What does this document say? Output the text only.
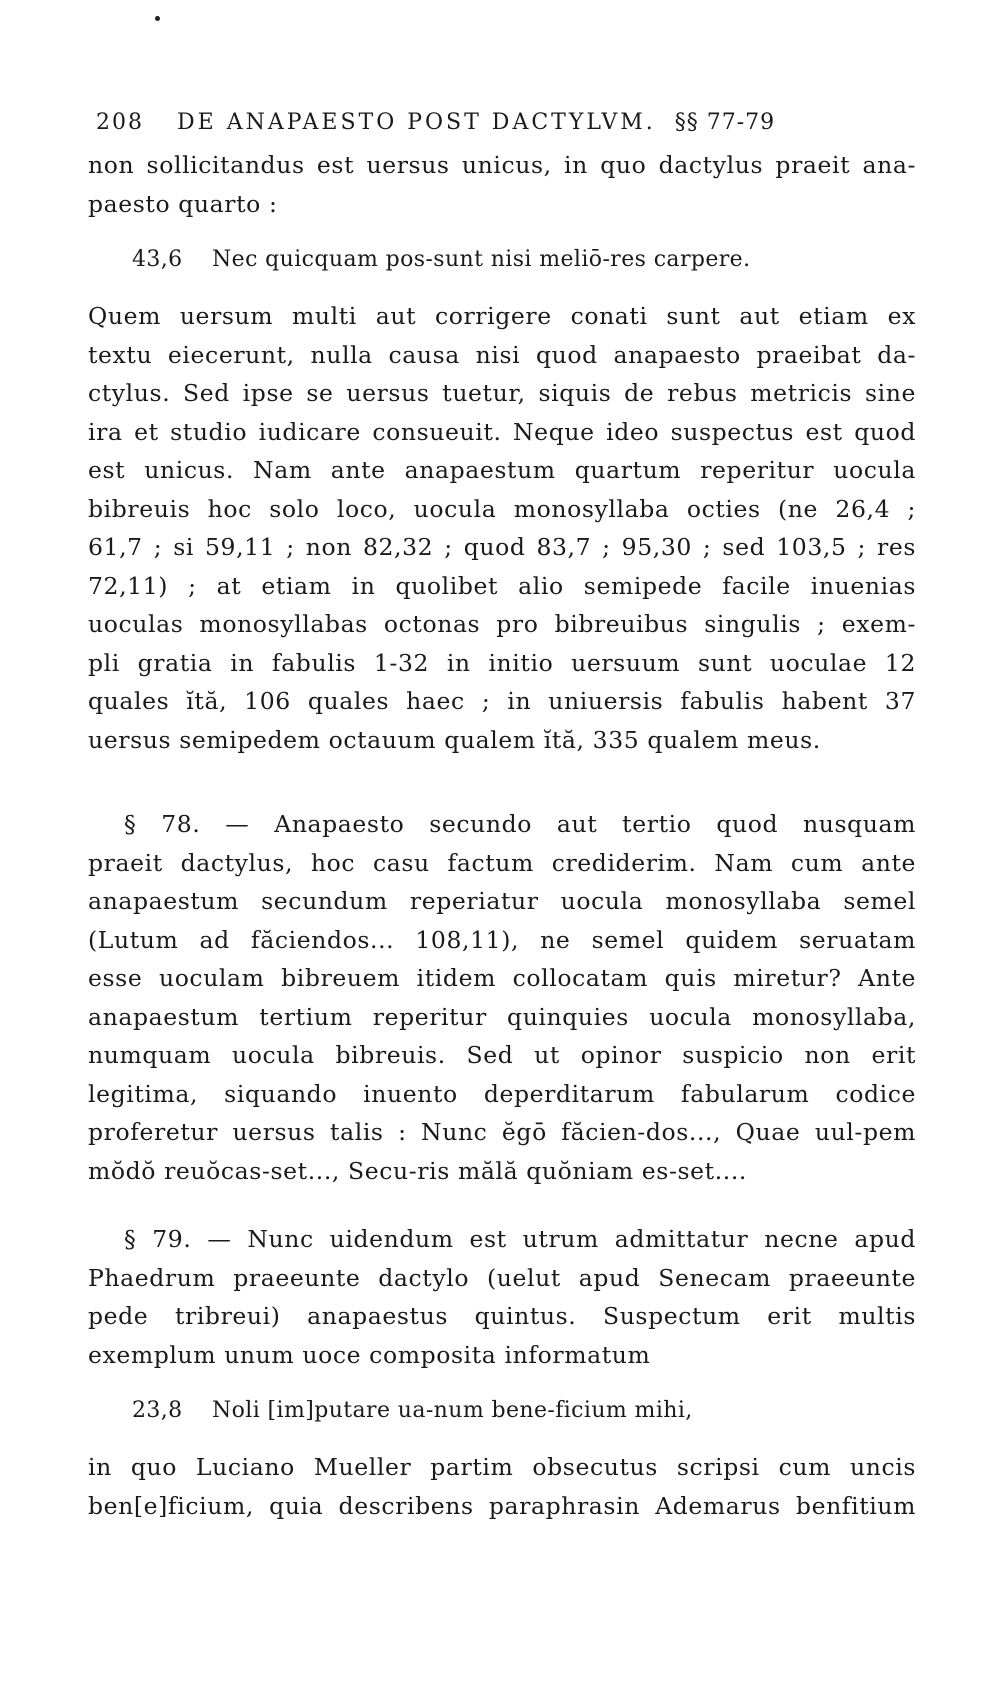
208 DE ANAPAESTO POST DACTYLVM. §§ 77-79

non sollicitandus est uersus unicus, in quo dactylus praeit ana-
paesto quarto :

43,6 Nec quicquam pos-sunt nisi meliō-res carpere.

Quem uersum multi aut corrigere conati sunt aut etiam ex
textu eiecerunt, nulla causa nisi quod anapaesto praeibat da-
ctylus. Sed ipse se uersus tuetur, siquis de rebus metricis sine
ira et studio iudicare consueuit. Neque ideo suspectus est quod
est unicus. Nam ante anapaestum quartum reperitur uocula
bibreuis hoc solo loco, uocula monosyllaba octies (ne 26,4 ;
61,7 ; si 59,11 ; non 82,32 ; quod 83,7 ; 95,30 ; sed 103,5 ; res
72,11) ; at etiam in quolibet alio semipede facile inuenias
uoculas monosyllabas octonas pro bibreuibus singulis ; exem-
pli gratia in fabulis 1-32 in initio uersuum sunt uoculae 12
quales ĭtă, 106 quales haec ; in uniuersis fabulis habent 37
uersus semipedem octauum qualem ĭtă, 335 qualem meus.

§ 78. — Anapaesto secundo aut tertio quod nusquam
praeit dactylus, hoc casu factum crediderim. Nam cum ante
anapaestum secundum reperiatur uocula monosyllaba semel
(Lutum ad făciendos... 108,11), ne semel quidem seruatam
esse uoculam bibreuem itidem collocatam quis miretur? Ante
anapaestum tertium reperitur quinquies uocula monosyllaba,
numquam uocula bibreuis. Sed ut opinor suspicio non erit
legitima, siquando inuento deperditarum fabularum codice
proferetur uersus talis : Nunc ĕgō făcien-dos..., Quae uul-pem
mŏdŏ reuŏcas-set..., Secu-ris mălă quŏniam es-set....

§ 79. — Nunc uidendum est utrum admittatur necne apud
Phaedrum praeeunte dactylo (uelut apud Senecam praeeunte
pede tribreui) anapaestus quintus. Suspectum erit multis
exemplum unum uoce composita informatum

23,8 Noli [im]putare ua-num bene-ficium mihi,

in quo Luciano Mueller partim obsecutus scripsi cum uncis
ben[e]ficium, quia describens paraphrasin Ademarus benfitium
